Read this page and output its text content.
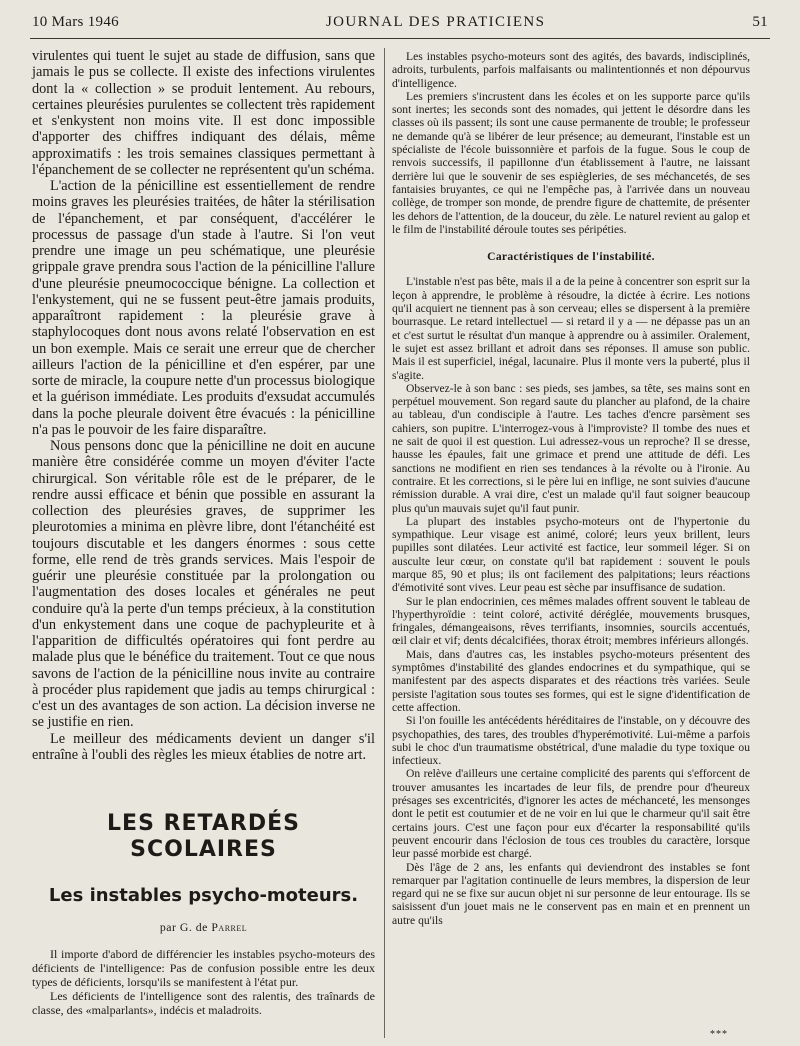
10 Mars 1946	JOURNAL DES PRATICIENS	51

virulentes qui tuent le sujet au stade de diffusion, sans que jamais le pus se collecte. Il existe des infections virulentes dont la « collection » se produit lentement. Au rebours, certaines pleurésies purulentes se collectent très rapidement et s'enkystent non moins vite. Il est donc impossible d'apporter des chiffres indiquant des délais, même approximatifs : les trois semaines classiques permettant à l'épanchement de se collecter ne représentent qu'un schéma.

L'action de la pénicilline est essentiellement de rendre moins graves les pleurésies traitées, de hâter la stérilisation de l'épanchement, et par conséquent, d'accélérer le processus de passage d'un stade à l'autre. Si l'on veut prendre une image un peu schématique, une pleurésie grippale grave prendra sous l'action de la pénicilline l'allure d'une pleurésie pneumococcique bénigne. La collection et l'enkystement, qui ne se fussent peut-être jamais produits, apparaîtront rapidement : la pleurésie grave à staphylocoques dont nous avons relaté l'observation en est un bon exemple. Mais ce serait une erreur que de chercher ailleurs l'action de la pénicilline et d'en espérer, par une sorte de miracle, la coupure nette d'un processus biologique et la guérison immédiate. Les produits d'exsudat accumulés dans la poche pleurale doivent être évacués : la pénicilline n'a pas le pouvoir de les faire disparaître.

Nous pensons donc que la pénicilline ne doit en aucune manière être considérée comme un moyen d'éviter l'acte chirurgical. Son véritable rôle est de le préparer, de le rendre aussi efficace et bénin que possible en assurant la collection des pleurésies graves, de supprimer les pleurotomies a minima en plèvre libre, dont l'étanchéité est toujours discutable et les dangers énormes : sous cette forme, elle rend de très grands services. Mais l'espoir de guérir une pleurésie constituée par la prolongation ou l'augmentation des doses locales et générales ne peut conduire qu'à la perte d'un temps précieux, à la constitution d'un enkystement dans une coque de pachypleurite et à l'apparition de difficultés opératoires qui font perdre au malade plus que le bénéfice du traitement. Tout ce que nous savons de l'action de la pénicilline nous invite au contraire à procéder plus rapidement que jadis au temps chirurgical : c'est un des avantages de son action. La décision inverse ne se justifie en rien.

Le meilleur des médicaments devient un danger s'il entraîne à l'oubli des règles les mieux établies de notre art.

LES RETARDÉS SCOLAIRES
Les instables psycho-moteurs.
par G. de Parrel

Il importe d'abord de différencier les instables psycho-moteurs des déficients de l'intelligence: Pas de confusion possible entre les deux types de déficients, lorsqu'ils se manifestent à l'état pur.

Les déficients de l'intelligence sont des ralentis, des traînards de classe, des «malparlants», indécis et maladroits.

Les instables psycho-moteurs sont des agités, des bavards, indisciplinés, adroits, turbulents, parfois malfaisants ou malintentionnés et non dépourvus d'intelligence.

Les premiers s'incrustent dans les écoles et on les supporte parce qu'ils sont inertes; les seconds sont des nomades, qui jettent le désordre dans les classes où ils passent; ils sont une cause permanente de trouble; le professeur ne demande qu'à se libérer de leur présence; au demeurant, l'instable est un spécialiste de l'école buissonnière et parfois de la fugue. Sous le coup de renvois successifs, il papillonne d'un établissement à l'autre, ne laissant derrière lui que le souvenir de ses espiègleries, de ses méchancetés, de ses fantaisies bruyantes, ce qui ne l'empêche pas, à l'arrivée dans un nouveau collège, de tromper son monde, de prendre figure de chattemite, de présenter les dehors de l'attention, de la douceur, du zèle. Le naturel revient au galop et le film de l'instabilité déroule toutes ses péripéties.

Caractéristiques de l'instabilité.

L'instable n'est pas bête, mais il a de la peine à concentrer son esprit sur la leçon à apprendre, le problème à résoudre, la dictée à écrire. Les notions qu'il acquiert ne tiennent pas à son cerveau; elles se dispersent à la première bourrasque. Le retard intellectuel — si retard il y a — ne dépasse pas un an et c'est surtut le résultat d'un manque à apprendre ou à assimiler. Oralement, le sujet est assez brillant et adroit dans ses réponses. Il amuse son public. Mais il est superficiel, inégal, lacunaire. Plus il monte vers la puberté, plus il s'agite.

Observez-le à son banc : ses pieds, ses jambes, sa tête, ses mains sont en perpétuel mouvement. Son regard saute du plancher au plafond, de la chaire au tableau, d'un condisciple à l'autre. Les taches d'encre parsèment ses cahiers, son pupitre. L'interrogez-vous à l'improviste? Il tombe des nues et ne sait de quoi il est question. Lui adressez-vous un reproche? Il se dresse, hausse les épaules, fait une grimace et prend une attitude de défi. Les sanctions ne modifient en rien ses tendances à la révolte ou à l'ironie. Au contraire. Et les corrections, si le père lui en inflige, ne sont suivies d'aucune rémission durable. A vrai dire, c'est un malade qu'il faut soigner beaucoup plus qu'un mauvais sujet qu'il faut punir.

La plupart des instables psycho-moteurs ont de l'hypertonie du sympathique. Leur visage est animé, coloré; leurs yeux brillent, leurs pupilles sont dilatées. Leur activité est factice, leur sommeil léger. Si on ausculte leur cœur, on constate qu'il bat rapidement : souvent le pouls marque 85, 90 et plus; ils ont facilement des palpitations; leurs réactions d'émotivité sont vives. Leur peau est sèche par insuffisance de sudation.

Sur le plan endocrinien, ces mêmes malades offrent souvent le tableau de l'hyperthyroïdie : teint coloré, activité déréglée, mouvements brusques, fringales, démangeaisons, rêves terrifiants, insomnies, sourcils accentués, œil clair et vif; dents décalcifiées, thorax étroit; membres inférieurs allongés.

Mais, dans d'autres cas, les instables psycho-moteurs présentent des symptômes d'instabilité des glandes endocrines et du sympathique, qui se manifestent par des aspects disparates et des réactions très variées. Seule persiste l'agitation sous toutes ses formes, qui est le signe d'identification de cette affection.

Si l'on fouille les antécédents héréditaires de l'instable, on y découvre des psychopathies, des tares, des troubles d'hyperémotivité. Lui-même a parfois subi le choc d'un traumatisme obstétrical, d'une maladie du type toxique ou infectieux.

On relève d'ailleurs une certaine complicité des parents qui s'efforcent de trouver amusantes les incartades de leur fils, de prendre pour d'heureux présages ses excentricités, d'ignorer les actes de méchanceté, les mensonges dont le petit est coutumier et de ne voir en lui que le charmeur qu'il sait être certains jours. C'est une façon pour eux d'écarter la responsabilité qu'ils peuvent encourir dans l'éclosion de tous ces troubles du caractère, lorsque leur passé morbide est chargé.

Dès l'âge de 2 ans, les enfants qui deviendront des instables se font remarquer par l'agitation continuelle de leurs membres, la dispersion de leur regard qui ne se fixe sur aucun objet ni sur personne de leur entourage. Ils se saisissent d'un jouet mais ne le conservent pas en main et en prennent un autre qu'ils

***
